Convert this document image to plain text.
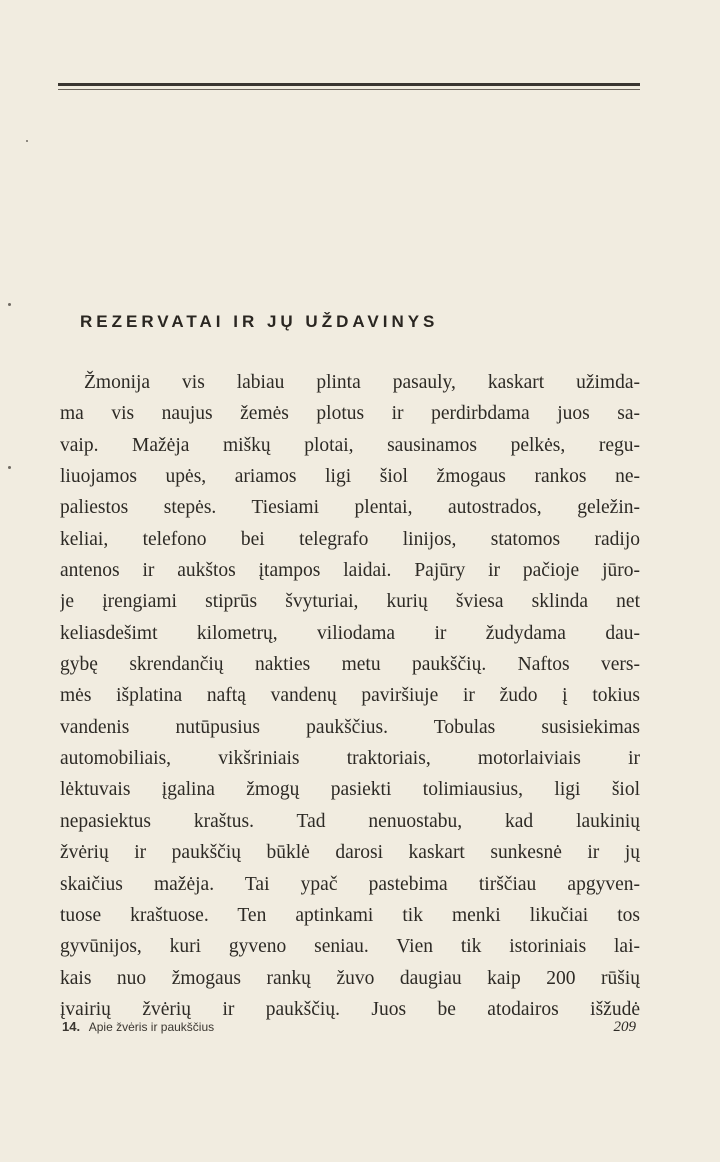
REZERVATAI IR JŲ UŽDAVINYS
Žmonija vis labiau plinta pasauly, kaskart užimda-
ma vis naujus žemės plotus ir perdirbdama juos sa-
vaip. Mažėja miškų plotai, sausinamos pelkės, regu-
liuojamos upės, ariamos ligi šiol žmogaus rankos ne-
paliestos stepės. Tiesiami plentai, autostrados, geležin-
keliai, telefono bei telegrafo linijos, statomos radijo
antenos ir aukštos įtampos laidai. Pajūry ir pačioje jūro-
je įrengiami stiprūs švyturiai, kurių šviesa sklinda net
keliasdešimt kilometrų, viliodama ir žudydama dau-
gybę skrendančių nakties metu paukščių. Naftos vers-
mės išplatina naftą vandenų paviršiuje ir žudo į tokius
vandenis nutūpusius paukščius. Tobulas susisiekimas
automobiliais, vikšriniais traktoriais, motorlaiviais ir
lėktuvais įgalina žmogų pasiekti tolimiausius, ligi šiol
nepasiektus kraštus. Tad nenuostabu, kad laukinių
žvėrių ir paukščių būklė darosi kaskart sunkesnė ir jų
skaičius mažėja. Tai ypač pastebima tirščiau apgyven-
tuose kraštuose. Ten aptinkami tik menki likučiai tos
gyvūnijos, kuri gyveno seniau. Vien tik istoriniais lai-
kais nuo žmogaus rankų žuvo daugiau kaip 200 rūšių
įvairių žvėrių ir paukščių. Juos be atodairos išžudė
14. Apie žvėris ir paukščius	209
